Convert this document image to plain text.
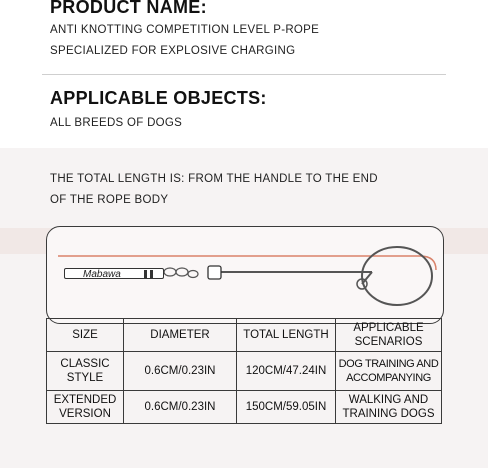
PRODUCT NAME:
ANTI KNOTTING COMPETITION LEVEL P-ROPE
SPECIALIZED FOR EXPLOSIVE CHARGING
APPLICABLE OBJECTS:
ALL BREEDS OF DOGS
THE TOTAL LENGTH IS: FROM THE HANDLE TO THE END
OF THE ROPE BODY
Mabawa
SIZE	DIAMETER	TOTAL LENGTH	APPLICABLE SCENARIOS
CLASSIC STYLE	0.6CM/0.23IN	120CM/47.24IN	DOG TRAINING AND ACCOMPANYING
EXTENDED VERSION	0.6CM/0.23IN	150CM/59.05IN	WALKING AND TRAINING DOGS
